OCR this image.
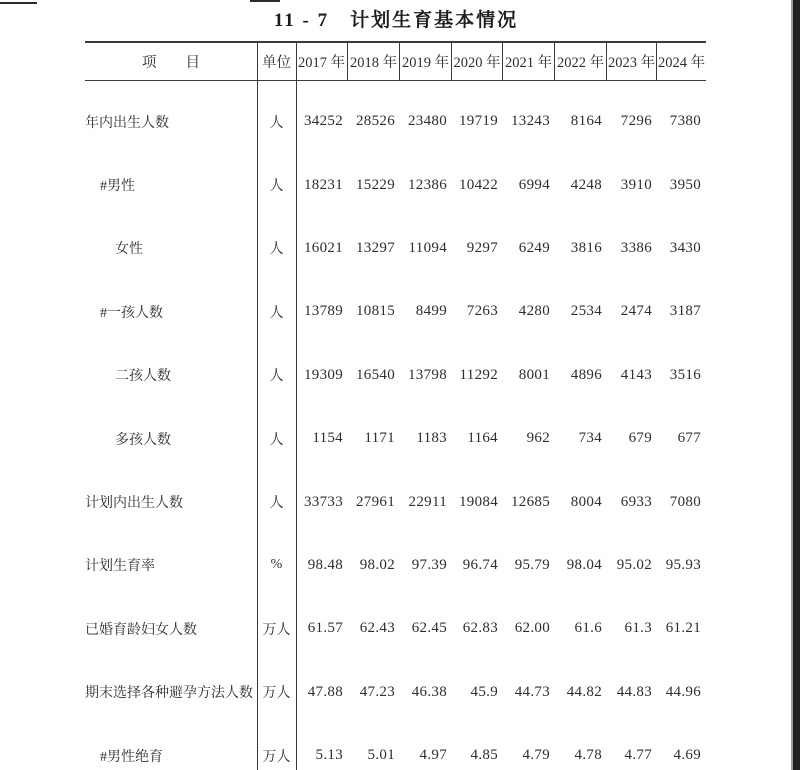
11 - 7　计划生育基本情况
项　　目	单位 2017 年 2018 年 2019 年 2020 年 2021 年 2022 年 2023 年 2024 年
年内出生人数	人	34252 28526 23480 19719 13243	8164	7296	7380
#男性	人	18231 15229 12386 10422	6994	4248	3910	3950
女性	人	16021 13297 11094	9297	6249	3816	3386	3430
#一孩人数	人	13789 10815	8499	7263	4280	2534	2474	3187
二孩人数	人	19309 16540 13798 11292	8001	4896	4143	3516
多孩人数	人	1154	1171	1183	1164	962	734	679	677
计划内出生人数	人	33733 27961 22911 19084 12685	8004	6933	7080
计划生育率	%	98.48	98.02	97.39	96.74	95.79	98.04 95.02 95.93
已婚育龄妇女人数	万人	61.57	62.43	62.45	62.83	62.00	61.6	61.3 61.21
期末选择各种避孕方法人数 万人	47.88	47.23	46.38	45.9	44.73	44.82 44.83 44.96
#男性绝育	万人	5.13	5.01	4.97	4.85	4.79	4.78	4.77	4.69
